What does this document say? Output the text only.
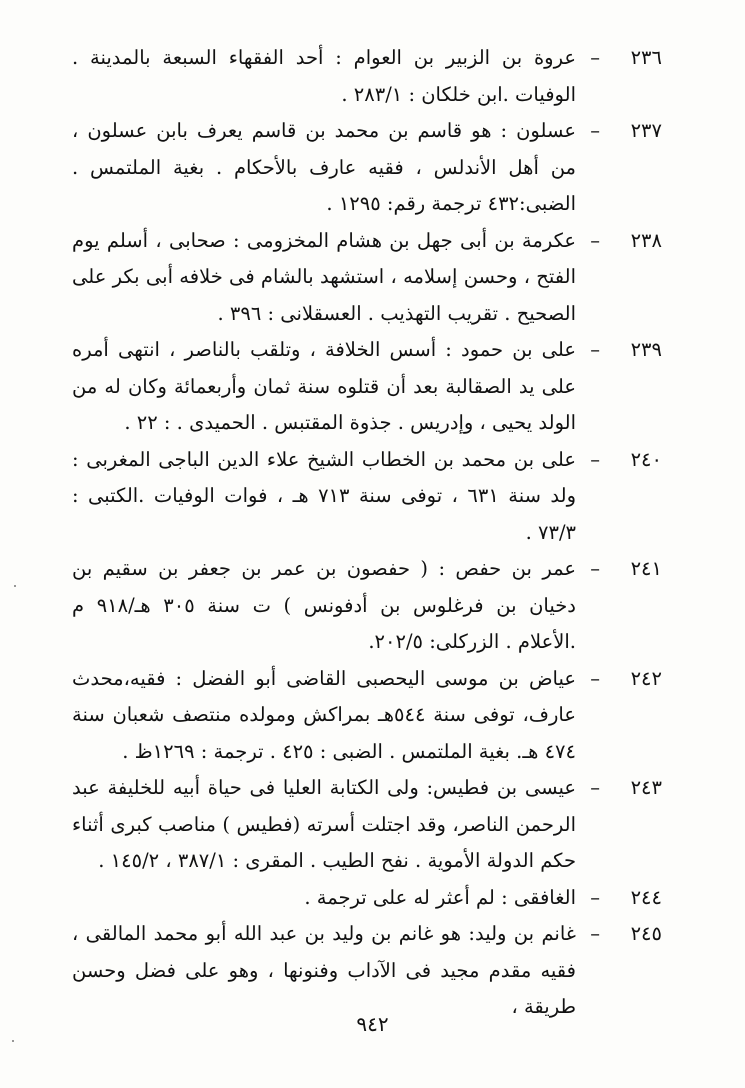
٢٣٦
–
عروة بن الزبير بن العوام : أحد الفقهاء السبعة بالمدينة . الوفيات .ابن خلكان : ٢٨٣/١ .
٢٣٧
–
عسلون : هو قاسم بن محمد بن قاسم يعرف بابن عسلون ، من أهل الأندلس ، فقيه عارف بالأحكام . بغية الملتمس . الضبى:٤٣٢ ترجمة رقم: ١٢٩٥ .
٢٣٨
–
عكرمة بن أبى جهل بن هشام المخزومى : صحابى ، أسلم يوم الفتح ، وحسن إسلامه ، استشهد بالشام فى خلافه أبى بكر على الصحيح . تقريب التهذيب . العسقلانى : ٣٩٦ .
٢٣٩
–
على بن حمود : أسس الخلافة ، وتلقب بالناصر ، انتهى أمره على يد الصقالبة بعد أن قتلوه سنة ثمان وأربعمائة وكان له من الولد يحيى ، وإدريس . جذوة المقتبس . الحميدى . : ٢٢ .
٢٤٠
–
على بن محمد بن الخطاب الشيخ علاء الدين الباجى المغربى : ولد سنة ٦٣١ ، توفى سنة ٧١٣ هـ ، فوات الوفيات .الكتبى : ٧٣/٣ .
٢٤١
–
عمر بن حفص : ( حفصون بن عمر بن جعفر بن سقيم بن دخيان بن فرغلوس بن أدفونس ) ت سنة ٣٠٥ هـ/٩١٨ م .الأعلام . الزركلى: ٢٠٢/٥.
٢٤٢
–
عياض بن موسى اليحصبى القاضى أبو الفضل : فقيه،محدث عارف، توفى سنة ٥٤٤هـ بمراكش ومولده منتصف شعبان سنة ٤٧٤ هـ. بغية الملتمس . الضبى : ٤٢٥ . ترجمة : ١٢٦٩ظ .
٢٤٣
–
عيسى بن فطيس: ولى الكتابة العليا فى حياة أبيه للخليفة عبد الرحمن الناصر، وقد اجتلت أسرته (فطيس ) مناصب كبرى أثناء حكم الدولة الأموية . نفح الطيب . المقرى : ٣٨٧/١ ، ١٤٥/٢ .
٢٤٤
–
الغافقى : لم أعثر له على ترجمة .
٢٤٥
–
غانم بن وليد: هو غانم بن وليد بن عبد الله أبو محمد المالقى ، فقيه مقدم مجيد فى الآداب وفنونها ، وهو على فضل وحسن طريقة ،
٩٤٢
